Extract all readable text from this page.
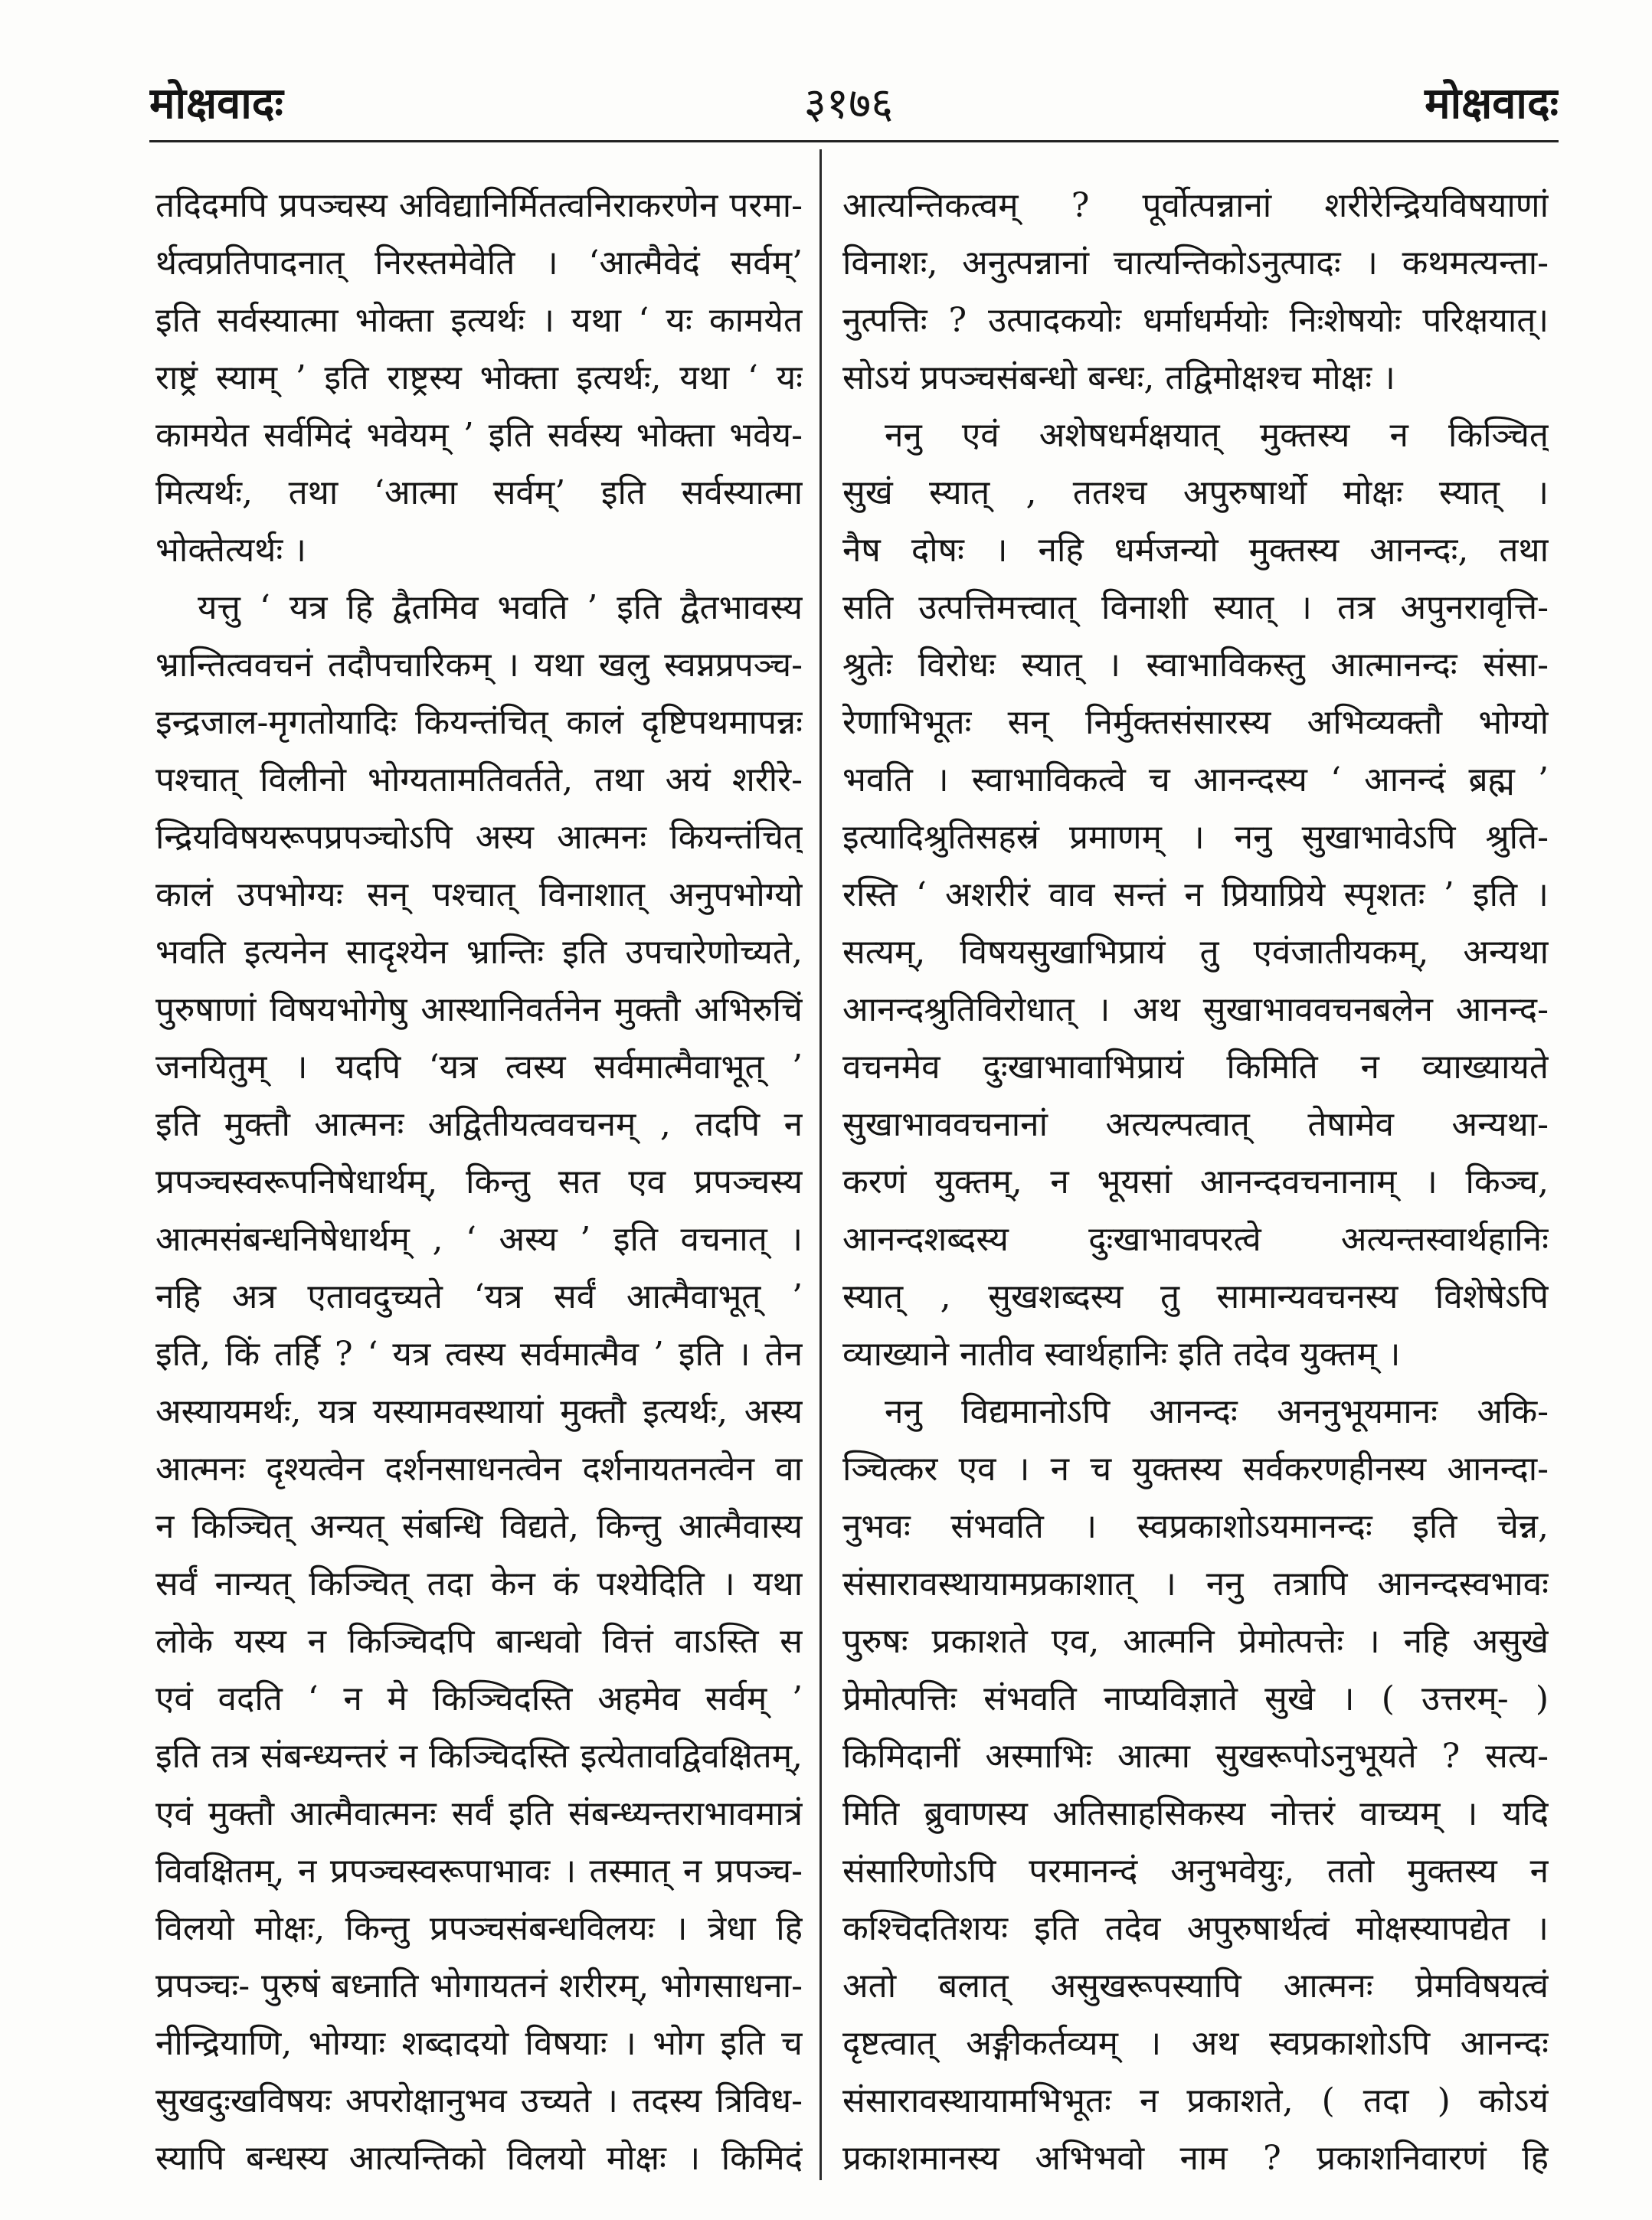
मोक्षवादः	३१७६	मोक्षवादः
तदिदमपि प्रपञ्चस्य अविद्यानिर्मितत्वनिराकरणेन परमा-
र्थत्वप्रतिपादनात् निरस्तमेवेति । ‘आत्मैवेदं सर्वम्’
इति सर्वस्यात्मा भोक्ता इत्यर्थः । यथा ‘ यः कामयेत
राष्ट्रं स्याम् ’ इति राष्ट्रस्य भोक्ता इत्यर्थः, यथा ‘ यः
कामयेत सर्वमिदं भवेयम् ’ इति सर्वस्य भोक्ता भवेय-
मित्यर्थः, तथा ‘आत्मा सर्वम्’ इति सर्वस्यात्मा
भोक्तेत्यर्थः ।
यत्तु ‘ यत्र हि द्वैतमिव भवति ’ इति द्वैतभावस्य
भ्रान्तित्ववचनं तदौपचारिकम् । यथा खलु स्वप्नप्रपञ्च-
इन्द्रजाल-मृगतोयादिः कियन्तंचित् कालं दृष्टिपथमापन्नः
पश्चात् विलीनो भोग्यतामतिवर्तते, तथा अयं शरीरे-
न्द्रियविषयरूपप्रपञ्चोऽपि अस्य आत्मनः कियन्तंचित्
कालं उपभोग्यः सन् पश्चात् विनाशात् अनुपभोग्यो
भवति इत्यनेन सादृश्येन भ्रान्तिः इति उपचारेणोच्यते,
पुरुषाणां विषयभोगेषु आस्थानिवर्तनेन मुक्तौ अभिरुचिं
जनयितुम् । यदपि ‘यत्र त्वस्य सर्वमात्मैवाभूत् ’
इति मुक्तौ आत्मनः अद्वितीयत्ववचनम् , तदपि न
प्रपञ्चस्वरूपनिषेधार्थम्, किन्तु सत एव प्रपञ्चस्य
आत्मसंबन्धनिषेधार्थम् , ‘ अस्य ’ इति वचनात् ।
नहि अत्र एतावदुच्यते ‘यत्र सर्वं आत्मैवाभूत् ’
इति, किं तर्हि ? ‘ यत्र त्वस्य सर्वमात्मैव ’ इति । तेन
अस्यायमर्थः, यत्र यस्यामवस्थायां मुक्तौ इत्यर्थः, अस्य
आत्मनः दृश्यत्वेन दर्शनसाधनत्वेन दर्शनायतनत्वेन वा
न किञ्चित् अन्यत् संबन्धि विद्यते, किन्तु आत्मैवास्य
सर्वं नान्यत् किञ्चित् तदा केन कं पश्येदिति । यथा
लोके यस्य न किञ्चिदपि बान्धवो वित्तं वाऽस्ति स
एवं वदति ‘ न मे किञ्चिदस्ति अहमेव सर्वम् ’
इति तत्र संबन्ध्यन्तरं न किञ्चिदस्ति इत्येतावद्विवक्षितम्,
एवं मुक्तौ आत्मैवात्मनः सर्वं इति संबन्ध्यन्तराभावमात्रं
विवक्षितम्, न प्रपञ्चस्वरूपाभावः । तस्मात् न प्रपञ्च-
विलयो मोक्षः, किन्तु प्रपञ्चसंबन्धविलयः । त्रेधा हि
प्रपञ्चः- पुरुषं बध्नाति भोगायतनं शरीरम्, भोगसाधना-
नीन्द्रियाणि, भोग्याः शब्दादयो विषयाः । भोग इति च
सुखदुःखविषयः अपरोक्षानुभव उच्यते । तदस्य त्रिविध-
स्यापि बन्धस्य आत्यन्तिको विलयो मोक्षः । किमिदं
आत्यन्तिकत्वम् ? पूर्वोत्पन्नानां शरीरेन्द्रियविषयाणां
विनाशः, अनुत्पन्नानां चात्यन्तिकोऽनुत्पादः । कथमत्यन्ता-
नुत्पत्तिः ? उत्पादकयोः धर्माधर्मयोः निःशेषयोः परिक्षयात्।
सोऽयं प्रपञ्चसंबन्धो बन्धः, तद्विमोक्षश्च मोक्षः ।
ननु एवं अशेषधर्मक्षयात् मुक्तस्य न किञ्चित्
सुखं स्यात् , ततश्च अपुरुषार्थो मोक्षः स्यात् ।
नैष दोषः । नहि धर्मजन्यो मुक्तस्य आनन्दः, तथा
सति उत्पत्तिमत्त्वात् विनाशी स्यात् । तत्र अपुनरावृत्ति-
श्रुतेः विरोधः स्यात् । स्वाभाविकस्तु आत्मानन्दः संसा-
रेणाभिभूतः सन् निर्मुक्तसंसारस्य अभिव्यक्तौ भोग्यो
भवति । स्वाभाविकत्वे च आनन्दस्य ‘ आनन्दं ब्रह्म ’
इत्यादिश्रुतिसहस्रं प्रमाणम् । ननु सुखाभावेऽपि श्रुति-
रस्ति ‘ अशरीरं वाव सन्तं न प्रियाप्रिये स्पृशतः ’ इति ।
सत्यम्, विषयसुखाभिप्रायं तु एवंजातीयकम्, अन्यथा
आनन्दश्रुतिविरोधात् । अथ सुखाभाववचनबलेन आनन्द-
वचनमेव दुःखाभावाभिप्रायं किमिति न व्याख्यायते
सुखाभाववचनानां अत्यल्पत्वात् तेषामेव अन्यथा-
करणं युक्तम्, न भूयसां आनन्दवचनानाम् । किञ्च,
आनन्दशब्दस्य दुःखाभावपरत्वे अत्यन्तस्वार्थहानिः
स्यात् , सुखशब्दस्य तु सामान्यवचनस्य विशेषेऽपि
व्याख्याने नातीव स्वार्थहानिः इति तदेव युक्तम् ।
ननु विद्यमानोऽपि आनन्दः अननुभूयमानः अकि-
ञ्चित्कर एव । न च युक्तस्य सर्वकरणहीनस्य आनन्दा-
नुभवः संभवति । स्वप्रकाशोऽयमानन्दः इति चेन्न,
संसारावस्थायामप्रकाशात् । ननु तत्रापि आनन्दस्वभावः
पुरुषः प्रकाशते एव, आत्मनि प्रेमोत्पत्तेः । नहि असुखे
प्रेमोत्पत्तिः संभवति नाप्यविज्ञाते सुखे । ( उत्तरम्- )
किमिदानीं अस्माभिः आत्मा सुखरूपोऽनुभूयते ? सत्य-
मिति ब्रुवाणस्य अतिसाहसिकस्य नोत्तरं वाच्यम् । यदि
संसारिणोऽपि परमानन्दं अनुभवेयुः, ततो मुक्तस्य न
कश्चिदतिशयः इति तदेव अपुरुषार्थत्वं मोक्षस्यापद्येत ।
अतो बलात् असुखरूपस्यापि आत्मनः प्रेमविषयत्वं
दृष्टत्वात् अङ्गीकर्तव्यम् । अथ स्वप्रकाशोऽपि आनन्दः
संसारावस्थायामभिभूतः न प्रकाशते, ( तदा ) कोऽयं
प्रकाशमानस्य अभिभवो नाम ? प्रकाशनिवारणं हि
